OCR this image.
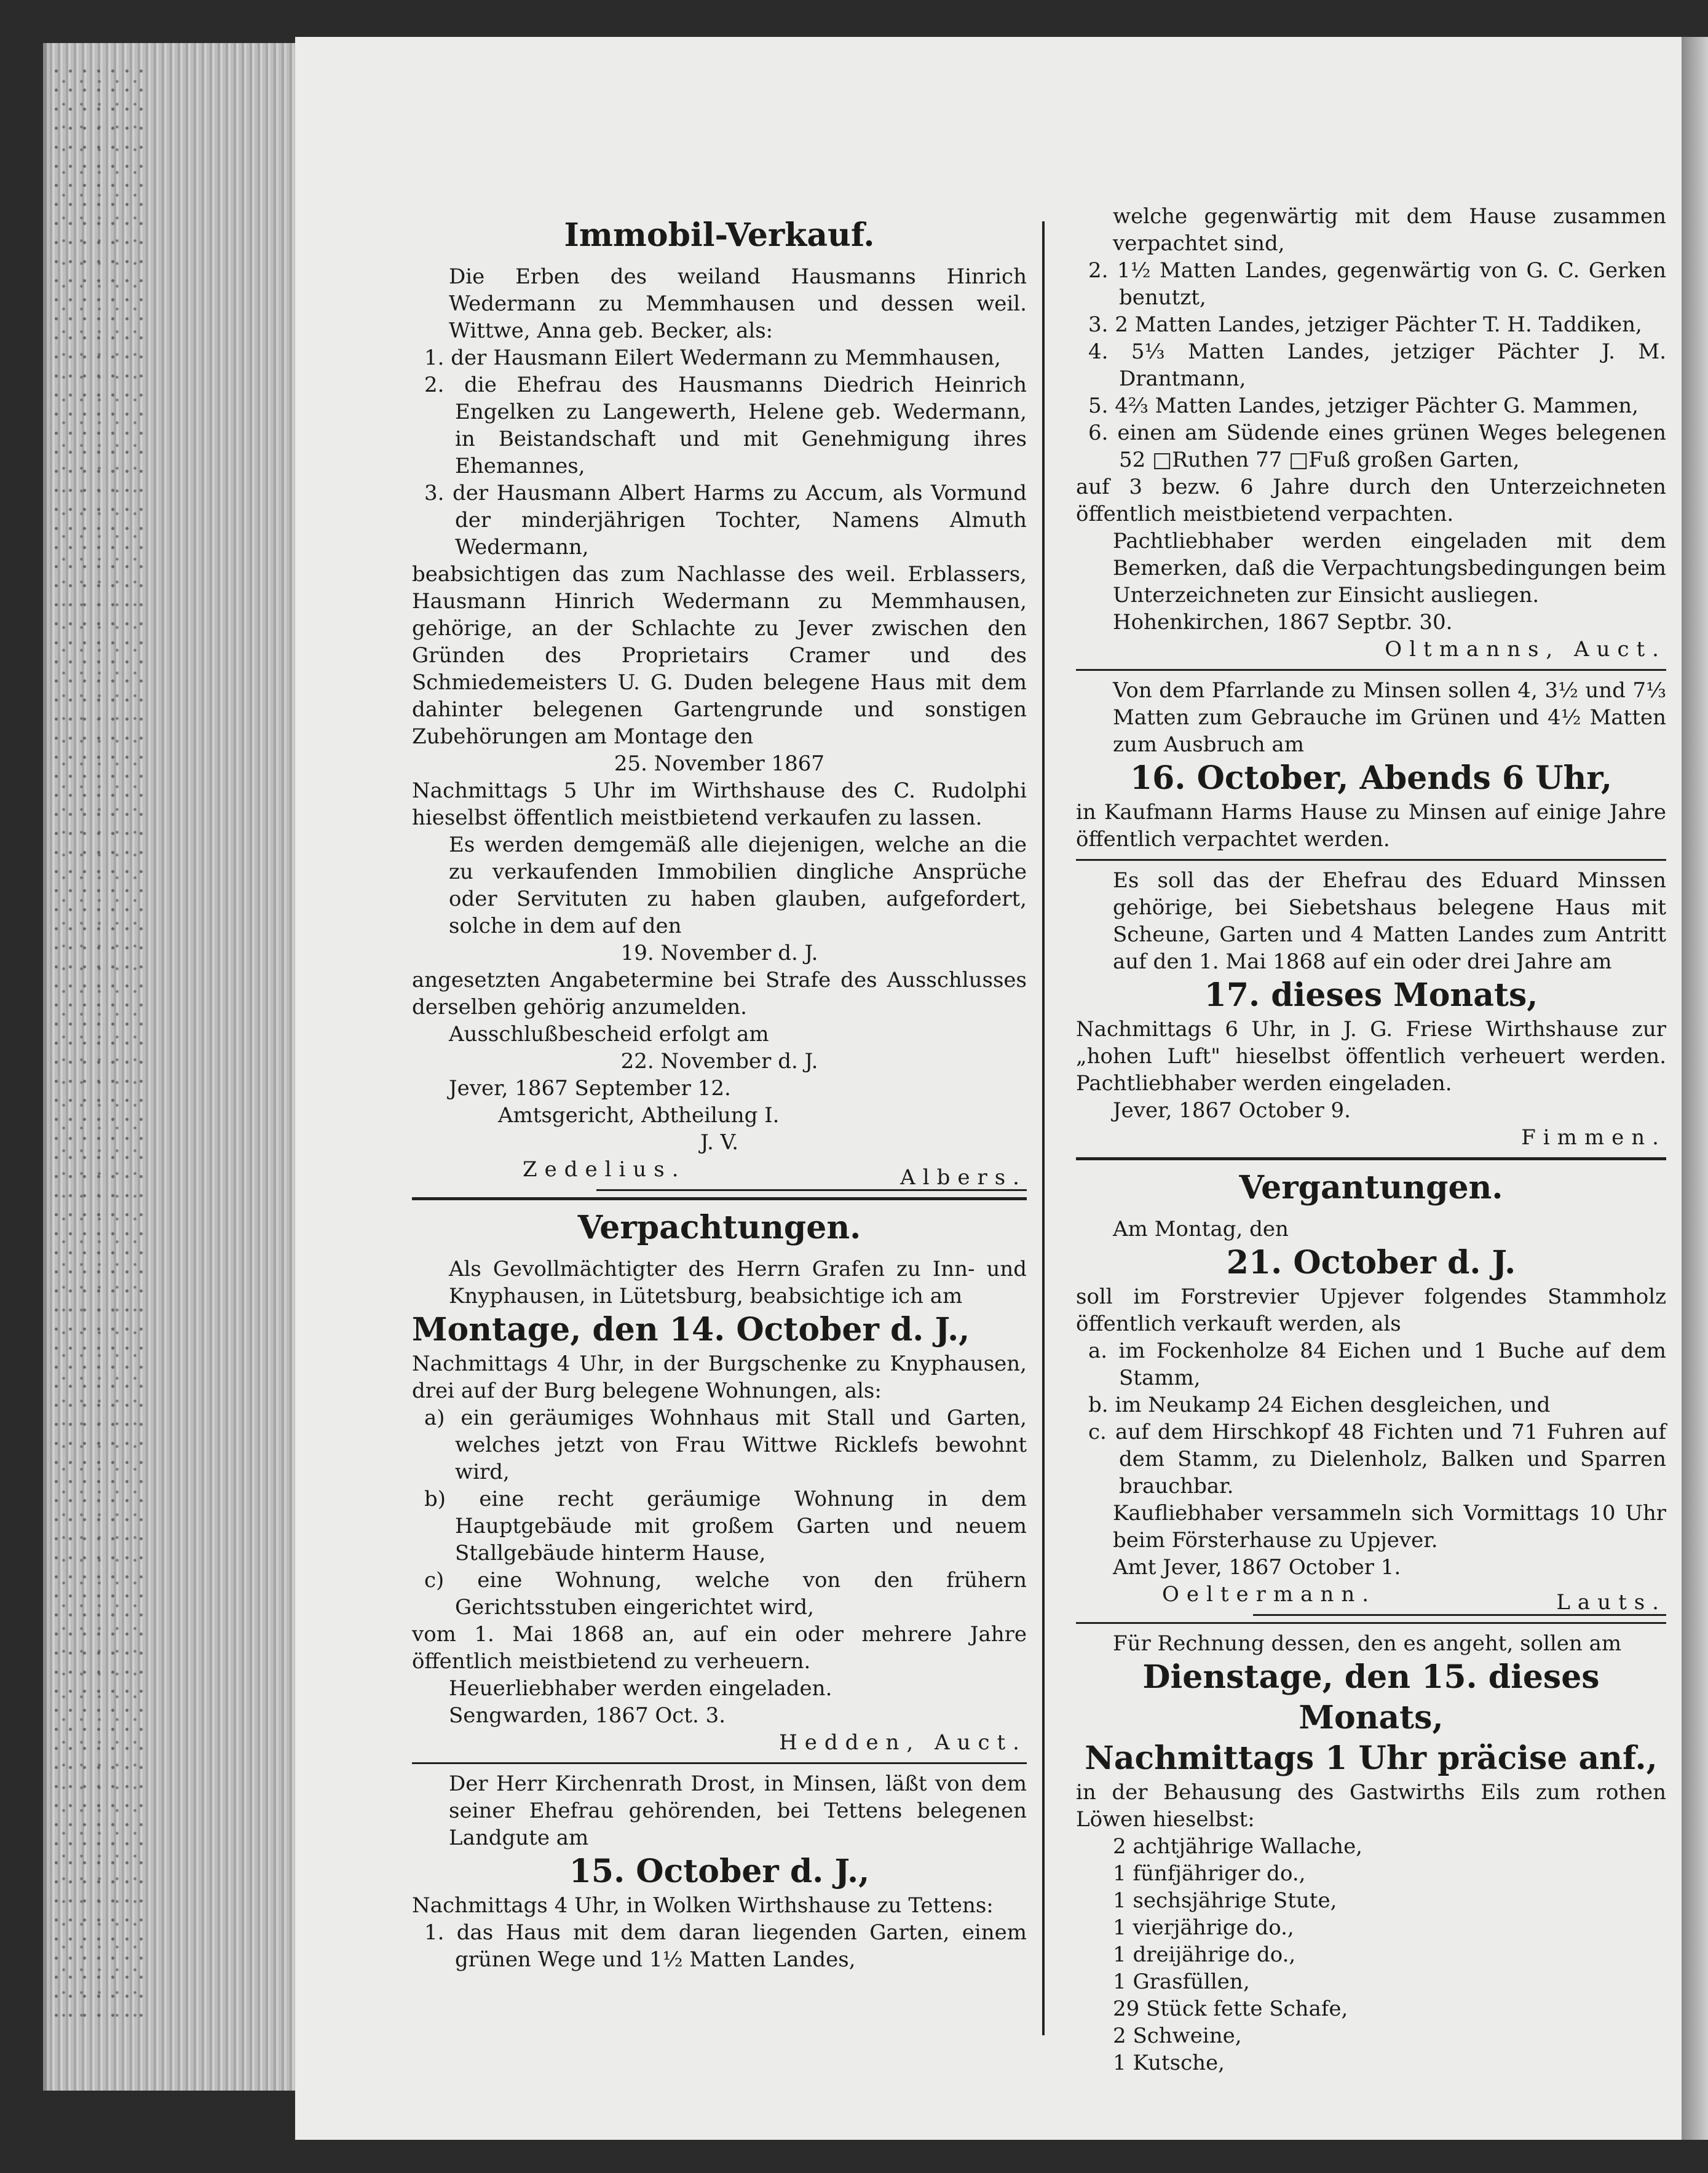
Immobil-Verkauf.

Die Erben des weiland Hausmanns Hinrich Wedermann zu Memmhausen und dessen weil. Wittwe, Anna geb. Becker, als:

1. der Hausmann Eilert Wedermann zu Memmhausen,

2. die Ehefrau des Hausmanns Diedrich Heinrich Engelken zu Langewerth, Helene geb. Wedermann, in Beistandschaft und mit Genehmigung ihres Ehemannes,

3. der Hausmann Albert Harms zu Accum, als Vormund der minderjährigen Tochter, Namens Almuth Wedermann,

beabsichtigen das zum Nachlasse des weil. Erblassers, Hausmann Hinrich Wedermann zu Memmhausen, gehörige, an der Schlachte zu Jever zwischen den Gründen des Proprietairs Cramer und des Schmiedemeisters U. G. Duden belegene Haus mit dem dahinter belegenen Gartengrunde und sonstigen Zubehörungen am Montage den

25. November 1867

Nachmittags 5 Uhr im Wirthshause des C. Rudolphi hieselbst öffentlich meistbietend verkaufen zu lassen.

Es werden demgemäß alle diejenigen, welche an die zu verkaufenden Immobilien dingliche Ansprüche oder Servituten zu haben glauben, aufgefordert, solche in dem auf den

19. November d. J.

angesetzten Angabetermine bei Strafe des Ausschlusses derselben gehörig anzumelden.

Ausschlußbescheid erfolgt am

22. November d. J.

Jever, 1867 September 12.

Amtsgericht, Abtheilung I.

J. V.

Zedelius.	Albers.

Verpachtungen.

Als Gevollmächtigter des Herrn Grafen zu Inn- und Knyphausen, in Lütetsburg, beabsichtige ich am

Montage, den 14. October d. J.,

Nachmittags 4 Uhr, in der Burgschenke zu Knyphausen, drei auf der Burg belegene Wohnungen, als:

a) ein geräumiges Wohnhaus mit Stall und Garten, welches jetzt von Frau Wittwe Ricklefs bewohnt wird,

b) eine recht geräumige Wohnung in dem Hauptgebäude mit großem Garten und neuem Stallgebäude hinterm Hause,

c) eine Wohnung, welche von den frühern Gerichtsstuben eingerichtet wird,

vom 1. Mai 1868 an, auf ein oder mehrere Jahre öffentlich meistbietend zu verheuern.

Heuerliebhaber werden eingeladen.

Sengwarden, 1867 Oct. 3.

Hedden, Auct.

Der Herr Kirchenrath Drost, in Minsen, läßt von dem seiner Ehefrau gehörenden, bei Tettens belegenen Landgute am

15. October d. J.,

Nachmittags 4 Uhr, in Wolken Wirthshause zu Tettens:

1. das Haus mit dem daran liegenden Garten, einem grünen Wege und 1½ Matten Landes,

welche gegenwärtig mit dem Hause zusammen verpachtet sind,

2. 1½ Matten Landes, gegenwärtig von G. C. Gerken benutzt,

3. 2 Matten Landes, jetziger Pächter T. H. Taddiken,

4. 5⅓ Matten Landes, jetziger Pächter J. M. Drantmann,

5. 4⅔ Matten Landes, jetziger Pächter G. Mammen,

6. einen am Südende eines grünen Weges belegenen 52 □Ruthen 77 □Fuß großen Garten,

auf 3 bezw. 6 Jahre durch den Unterzeichneten öffentlich meistbietend verpachten.

Pachtliebhaber werden eingeladen mit dem Bemerken, daß die Verpachtungsbedingungen beim Unterzeichneten zur Einsicht ausliegen.

Hohenkirchen, 1867 Septbr. 30.

Oltmanns, Auct.

Von dem Pfarrlande zu Minsen sollen 4, 3½ und 7⅓ Matten zum Gebrauche im Grünen und 4½ Matten zum Ausbruch am

16. October, Abends 6 Uhr,

in Kaufmann Harms Hause zu Minsen auf einige Jahre öffentlich verpachtet werden.

Es soll das der Ehefrau des Eduard Minssen gehörige, bei Siebetshaus belegene Haus mit Scheune, Garten und 4 Matten Landes zum Antritt auf den 1. Mai 1868 auf ein oder drei Jahre am

17. dieses Monats,

Nachmittags 6 Uhr, in J. G. Friese Wirthshause zur „hohen Luft" hieselbst öffentlich verheuert werden. Pachtliebhaber werden eingeladen.

Jever, 1867 October 9.

Fimmen.

Vergantungen.

Am Montag, den

21. October d. J.

soll im Forstrevier Upjever folgendes Stammholz öffentlich verkauft werden, als

a. im Fockenholze 84 Eichen und 1 Buche auf dem Stamm,

b. im Neukamp 24 Eichen desgleichen, und

c. auf dem Hirschkopf 48 Fichten und 71 Fuhren auf dem Stamm, zu Dielenholz, Balken und Sparren brauchbar.

Kaufliebhaber versammeln sich Vormittags 10 Uhr beim Försterhause zu Upjever.

Amt Jever, 1867 October 1.

Oeltermann.	Lauts.

Für Rechnung dessen, den es angeht, sollen am

Dienstage, den 15. dieses Monats,

Nachmittags 1 Uhr präcise anf.,

in der Behausung des Gastwirths Eils zum rothen Löwen hieselbst:

2 achtjährige Wallache,

1 fünfjähriger do.,

1 sechsjährige Stute,

1 vierjährige do.,

1 dreijährige do.,

1 Grasfüllen,

29 Stück fette Schafe,

2 Schweine,

1 Kutsche,
